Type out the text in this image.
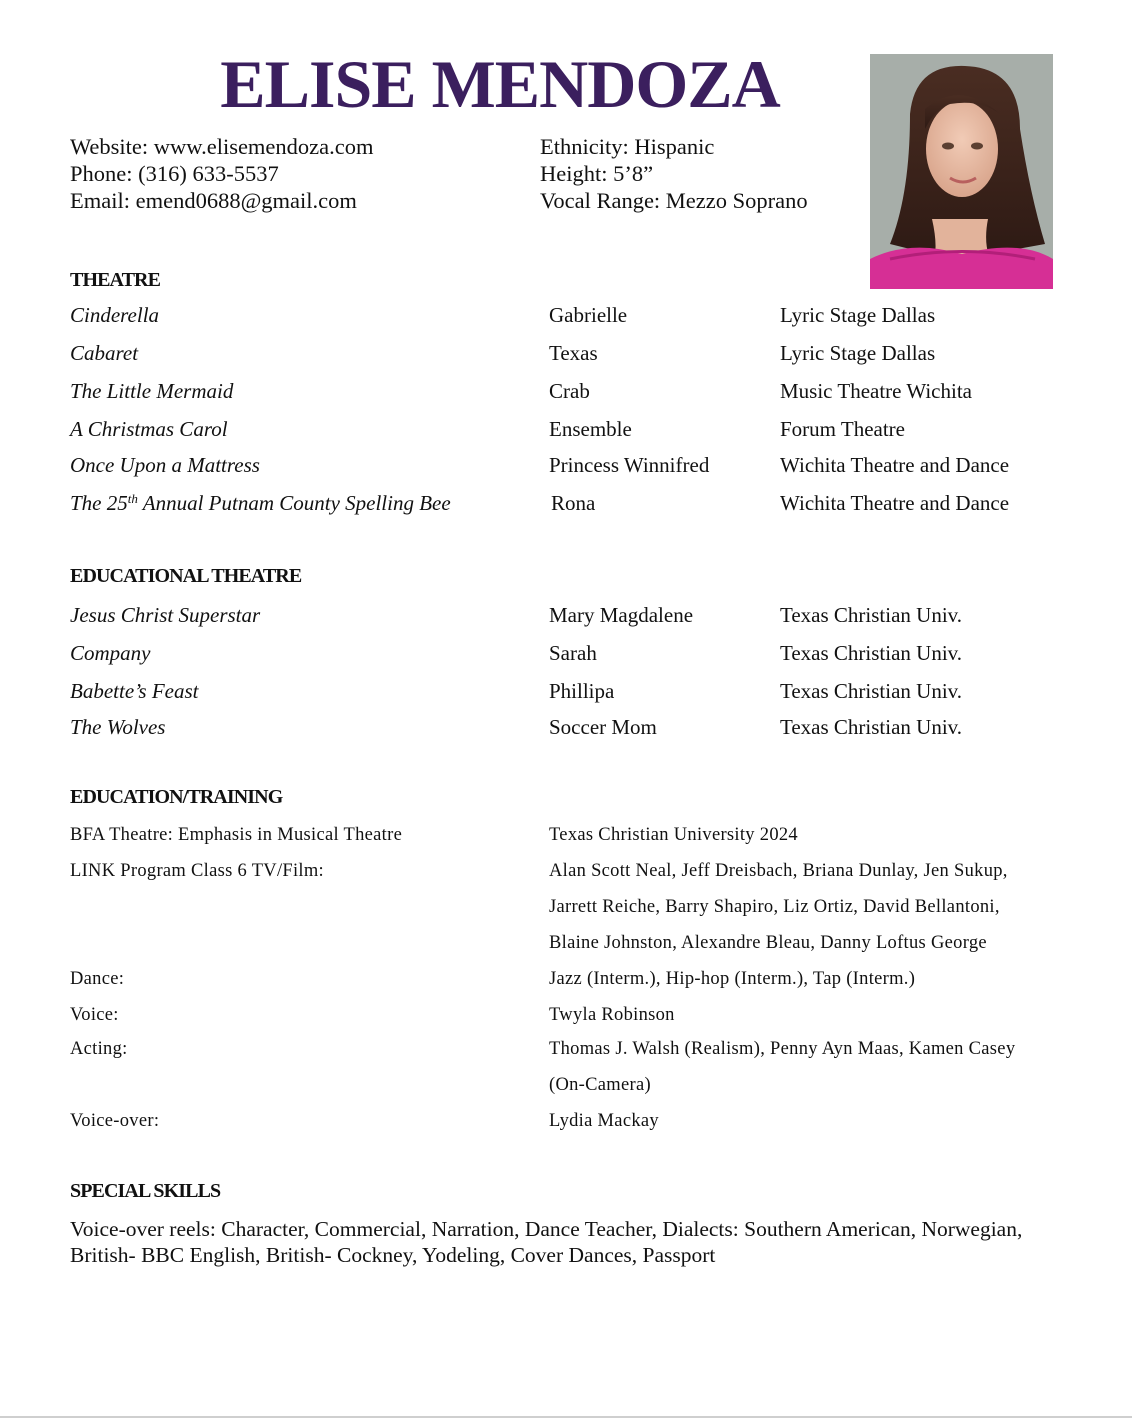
ELISE MENDOZA
Website: www.elisemendoza.com
Phone: (316) 633-5537
Email: emend0688@gmail.com
Ethnicity: Hispanic
Height: 5’8”
Vocal Range: Mezzo Soprano
THEATRE
Cinderella	Gabrielle	Lyric Stage Dallas
Cabaret	Texas	Lyric Stage Dallas
The Little Mermaid	Crab	Music Theatre Wichita
A Christmas Carol	Ensemble	Forum Theatre
Once Upon a Mattress	Princess Winnifred	Wichita Theatre and Dance
The 25th Annual Putnam County Spelling Bee	Rona	Wichita Theatre and Dance
EDUCATIONAL THEATRE
Jesus Christ Superstar	Mary Magdalene	Texas Christian Univ.
Company	Sarah	Texas Christian Univ.
Babette’s Feast	Phillipa	Texas Christian Univ.
The Wolves	Soccer Mom	Texas Christian Univ.
EDUCATION/TRAINING
BFA Theatre: Emphasis in Musical Theatre	Texas Christian University 2024
LINK Program Class 6 TV/Film:	Alan Scott Neal, Jeff Dreisbach, Briana Dunlay, Jen Sukup,
Jarrett Reiche, Barry Shapiro, Liz Ortiz, David Bellantoni,
Blaine Johnston, Alexandre Bleau, Danny Loftus George
Dance:	Jazz (Interm.), Hip-hop (Interm.), Tap (Interm.)
Voice:	Twyla Robinson
Acting:	Thomas J. Walsh (Realism), Penny Ayn Maas, Kamen Casey
(On-Camera)
Voice-over:	Lydia Mackay
SPECIAL SKILLS
Voice-over reels: Character, Commercial, Narration, Dance Teacher, Dialects: Southern American, Norwegian,
British- BBC English, British- Cockney, Yodeling, Cover Dances, Passport
